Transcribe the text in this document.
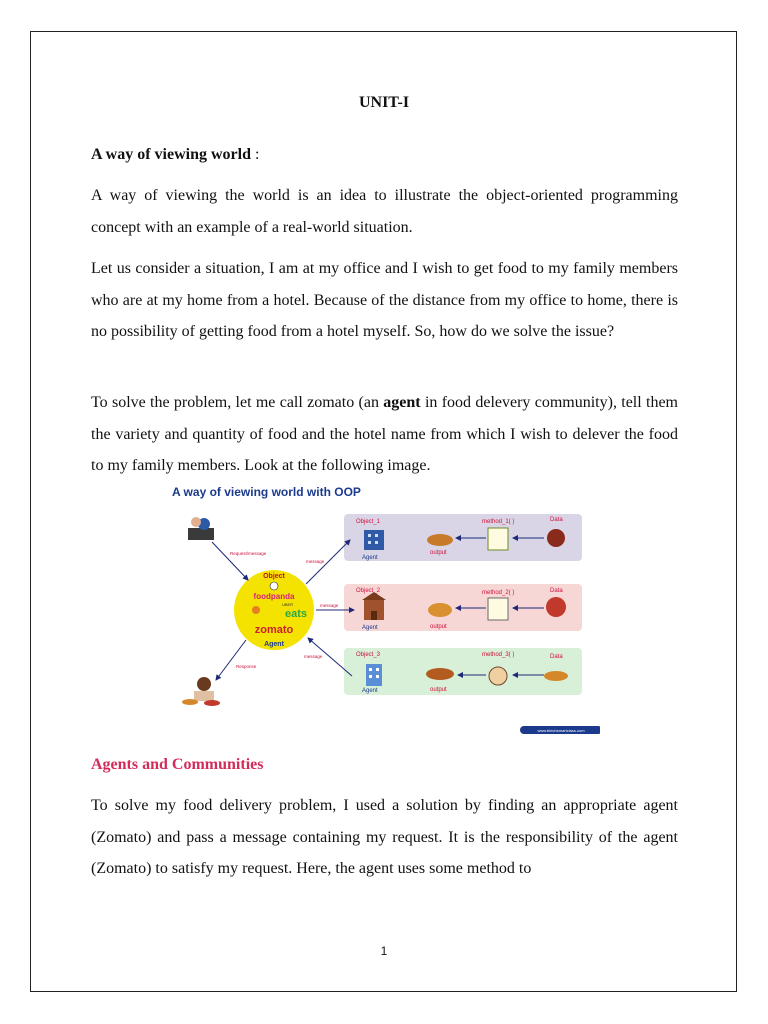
UNIT-I
A way of viewing world :

A way of viewing the world is an idea to illustrate the object-oriented programming concept with an example of a real-world situation.

Let us consider a situation, I am at my office and I wish to get food to my family members who are at my home from a hotel. Because of the distance from my office to home, there is no possibility of getting food from a hotel myself. So, how do we solve the issue?

To solve the problem, let me call zomato (an agent in food delevery community), tell them the variety and quantity of food and the hotel name from which I wish to delever the food to my family members. Look at the following image.

A way of viewing world with OOP
Object_1	method_1( )	Data
Agent
output
Object_2	method_2( )	Data
Agent	output
Object_3	method_3( )	Data
Agent	output
Object
foodpanda
UBER
eats
zomato
Agent
Request/message
Response
message
message
message
www.btechsmartclass.com
Agents and Communities

To solve my food delivery problem, I used a solution by finding an appropriate agent (Zomato) and pass a message containing my request. It is the responsibility of the agent (Zomato) to satisfy my request. Here, the agent uses some method to

1
